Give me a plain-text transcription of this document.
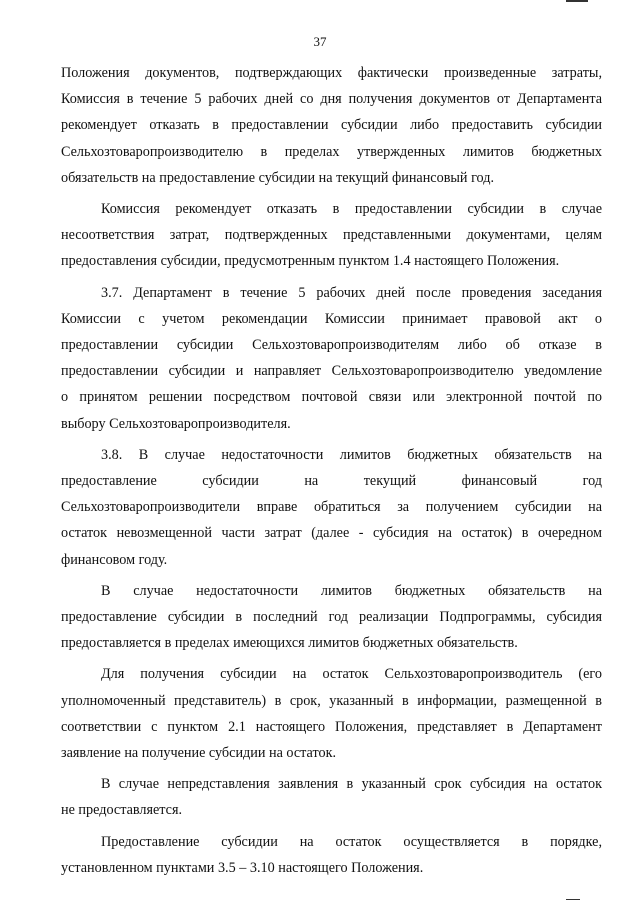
37
Положения документов, подтверждающих фактически произведенные затраты,
Комиссия в течение 5 рабочих дней со дня получения документов от Департамента
рекомендует отказать в предоставлении субсидии либо предоставить субсидии
Сельхозтоваропроизводителю в пределах утвержденных лимитов бюджетных
обязательств на предоставление субсидии на текущий финансовый год.
Комиссия рекомендует отказать в предоставлении субсидии в случае
несоответствия затрат, подтвержденных представленными документами, целям
предоставления субсидии, предусмотренным пунктом 1.4 настоящего Положения.
3.7. Департамент в течение 5 рабочих дней после проведения заседания
Комиссии с учетом рекомендации Комиссии принимает правовой акт о
предоставлении субсидии Сельхозтоваропроизводителям либо об отказе в
предоставлении субсидии и направляет Сельхозтоваропроизводителю уведомление
о принятом решении посредством почтовой связи или электронной почтой по
выбору Сельхозтоваропроизводителя.
3.8. В случае недостаточности лимитов бюджетных обязательств на
предоставление субсидии на текущий финансовый год
Сельхозтоваропроизводители вправе обратиться за получением субсидии на
остаток невозмещенной части затрат (далее - субсидия на остаток) в очередном
финансовом году.
В случае недостаточности лимитов бюджетных обязательств на
предоставление субсидии в последний год реализации Подпрограммы, субсидия
предоставляется в пределах имеющихся лимитов бюджетных обязательств.
Для получения субсидии на остаток Сельхозтоваропроизводитель (его
уполномоченный представитель) в срок, указанный в информации, размещенной в
соответствии с пунктом 2.1 настоящего Положения, представляет в Департамент
заявление на получение субсидии на остаток.
В случае непредставления заявления в указанный срок субсидия на остаток
не предоставляется.
Предоставление субсидии на остаток осуществляется в порядке,
установленном пунктами 3.5 – 3.10 настоящего Положения.
